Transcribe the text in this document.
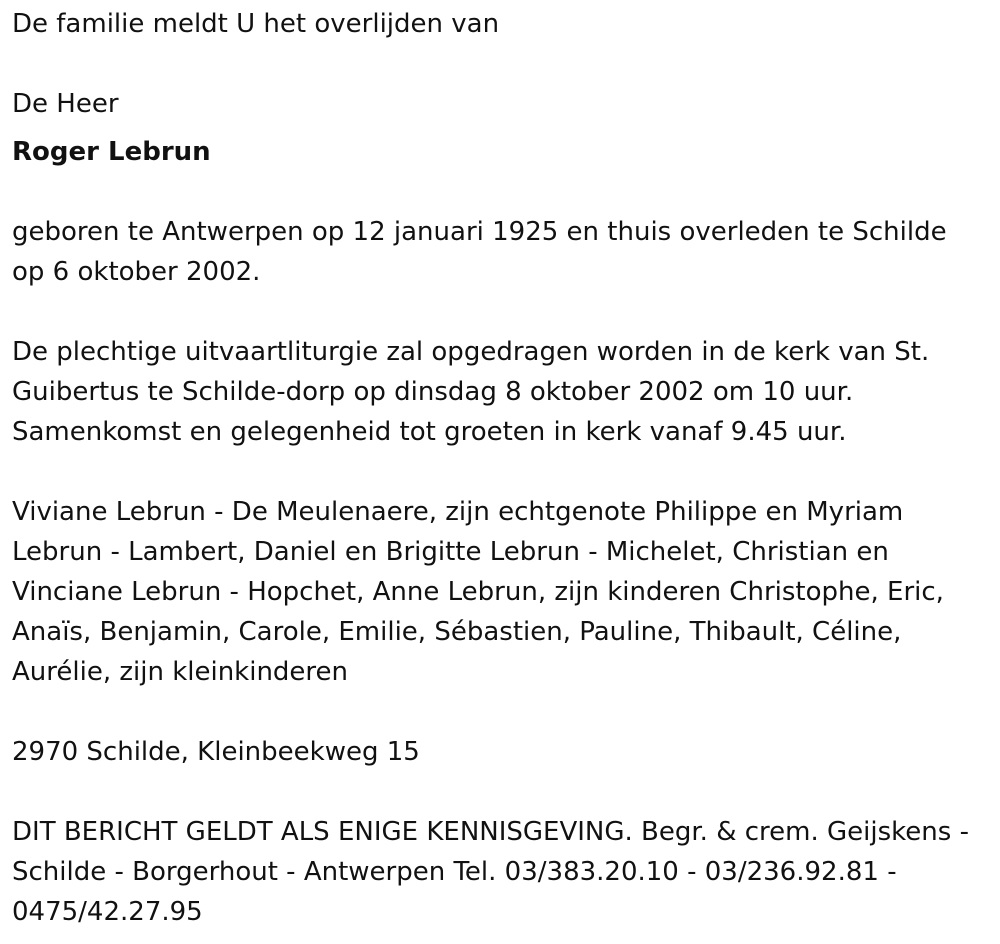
De familie meldt U het overlijden van

De Heer

Roger Lebrun

geboren te Antwerpen op 12 januari 1925 en thuis overleden te Schilde op 6 oktober 2002.

De plechtige uitvaartliturgie zal opgedragen worden in de kerk van St. Guibertus te Schilde-dorp op dinsdag 8 oktober 2002 om 10 uur. Samenkomst en gelegenheid tot groeten in kerk vanaf 9.45 uur.

Viviane Lebrun - De Meulenaere, zijn echtgenote Philippe en Myriam Lebrun - Lambert, Daniel en Brigitte Lebrun - Michelet, Christian en Vinciane Lebrun - Hopchet, Anne Lebrun, zijn kinderen Christophe, Eric, Anaïs, Benjamin, Carole, Emilie, Sébastien, Pauline, Thibault, Céline, Aurélie, zijn kleinkinderen

2970 Schilde, Kleinbeekweg 15

DIT BERICHT GELDT ALS ENIGE KENNISGEVING. Begr. & crem. Geijskens - Schilde - Borgerhout - Antwerpen Tel. 03/383.20.10 - 03/236.92.81 - 0475/42.27.95
